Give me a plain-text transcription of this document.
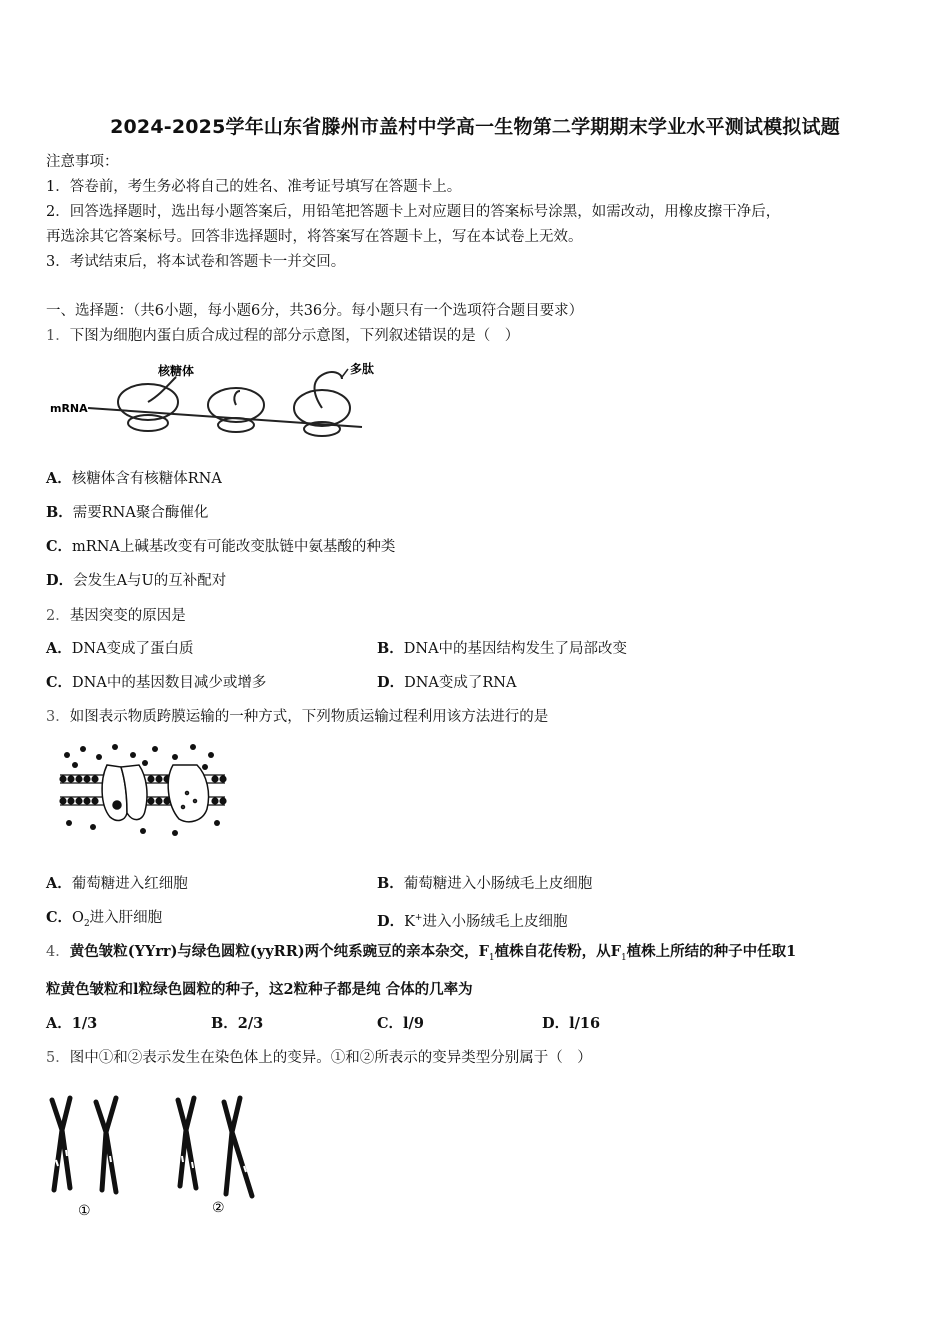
2024-2025学年山东省滕州市盖村中学高一生物第二学期期末学业水平测试模拟试题
注意事项：
1．答卷前，考生务必将自己的姓名、准考证号填写在答题卡上。
2．回答选择题时，选出每小题答案后，用铅笔把答题卡上对应题目的答案标号涂黑，如需改动，用橡皮擦干净后，
再选涂其它答案标号。回答非选择题时，将答案写在答题卡上，写在本试卷上无效。
3．考试结束后，将本试卷和答题卡一并交回。
一、选择题：（共6小题，每小题6分，共36分。每小题只有一个选项符合题目要求）
1．下图为细胞内蛋白质合成过程的部分示意图，下列叙述错误的是（　）
mRNA
核糖体	多肽
A．核糖体含有核糖体RNA
B．需要RNA聚合酶催化
C．mRNA上碱基改变有可能改变肽链中氨基酸的种类
D．会发生A与U的互补配对
2．基因突变的原因是
A．DNA变成了蛋白质	B．DNA中的基因结构发生了局部改变
C．DNA中的基因数目减少或增多	D．DNA变成了RNA
3．如图表示物质跨膜运输的一种方式，下列物质运输过程利用该方法进行的是
A．葡萄糖进入红细胞	B．葡萄糖进入小肠绒毛上皮细胞
C．$O_2$进入肝细胞	D．K+进入小肠绒毛上皮细胞
4．黄色皱粒(YYrr)与绿色圆粒(yyRR)两个纯系豌豆的亲本杂交，$F_1$植株自花传粉，从$F_1$植株上所结的种子中任取1
粒黄色皱粒和l粒绿色圆粒的种子，这2粒种子都是纯 合体的几率为
A．1/3	B．2/3	C．l/9	D．l/16
5．图中①和②表示发生在染色体上的变异。①和②所表示的变异类型分别属于（　）
①	②
